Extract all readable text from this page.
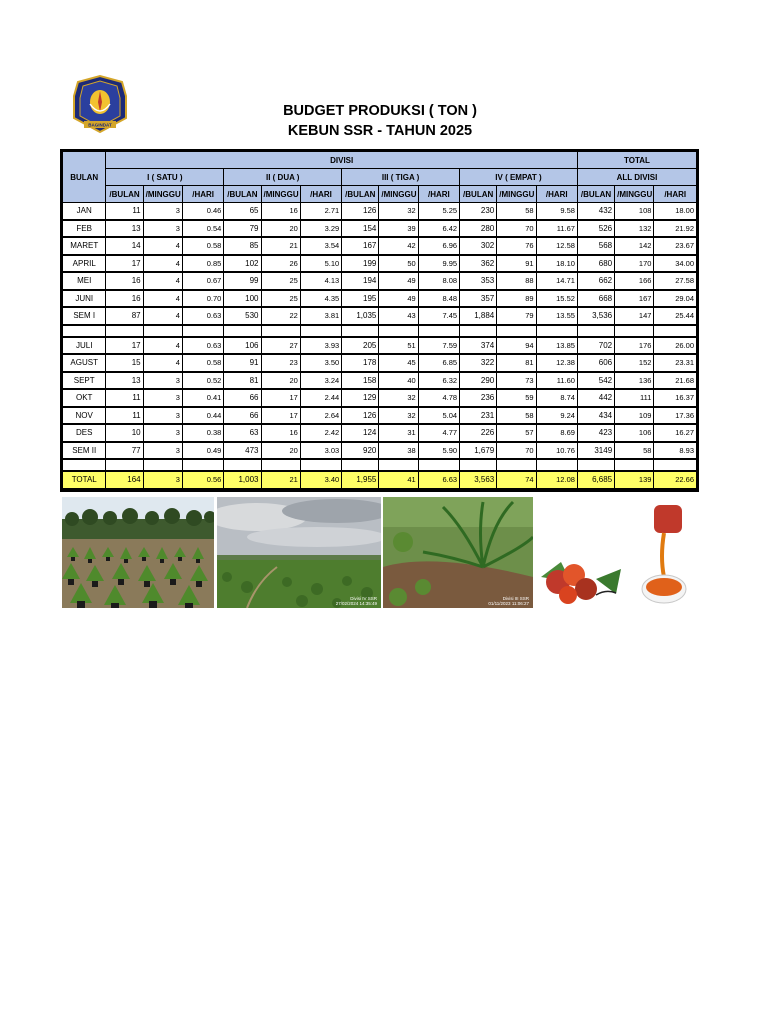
BAGINDAT
BUDGET PRODUKSI ( TON )
KEBUN SSR - TAHUN 2025
BULAN	DIVISI												TOTAL		
	I ( SATU )			II ( DUA )			III ( TIGA )			IV ( EMPAT )			ALL DIVISI		
	/BULAN	/MINGGU	/HARI	/BULAN	/MINGGU	/HARI	/BULAN	/MINGGU	/HARI	/BULAN	/MINGGU	/HARI	/BULAN	/MINGGU	/HARI
JAN	11	3	0.46	65	16	2.71	126	32	5.25	230	58	9.58	432	108	18.00
FEB	13	3	0.54	79	20	3.29	154	39	6.42	280	70	11.67	526	132	21.92
MARET	14	4	0.58	85	21	3.54	167	42	6.96	302	76	12.58	568	142	23.67
APRIL	17	4	0.85	102	26	5.10	199	50	9.95	362	91	18.10	680	170	34.00
MEI	16	4	0.67	99	25	4.13	194	49	8.08	353	88	14.71	662	166	27.58
JUNI	16	4	0.70	100	25	4.35	195	49	8.48	357	89	15.52	668	167	29.04
SEM I	87	4	0.63	530	22	3.81	1,035	43	7.45	1,884	79	13.55	3,536	147	25.44

JULI	17	4	0.63	106	27	3.93	205	51	7.59	374	94	13.85	702	176	26.00
AGUST	15	4	0.58	91	23	3.50	178	45	6.85	322	81	12.38	606	152	23.31
SEPT	13	3	0.52	81	20	3.24	158	40	6.32	290	73	11.60	542	136	21.68
OKT	11	3	0.41	66	17	2.44	129	32	4.78	236	59	8.74	442	111	16.37
NOV	11	3	0.44	66	17	2.64	126	32	5.04	231	58	9.24	434	109	17.36
DES	10	3	0.38	63	16	2.42	124	31	4.77	226	57	8.69	423	106	16.27
SEM II	77	3	0.49	473	20	3.03	920	38	5.90	1,679	70	10.76	3149	58	8.93

TOTAL	164	3	0.56	1,003	21	3.40	1,955	41	6.63	3,563	74	12.08	6,685	139	22.66
Divisi IV SSR
27/02/2024 14:35:49
Divisi III SSR
01/11/2023 11:06:27
